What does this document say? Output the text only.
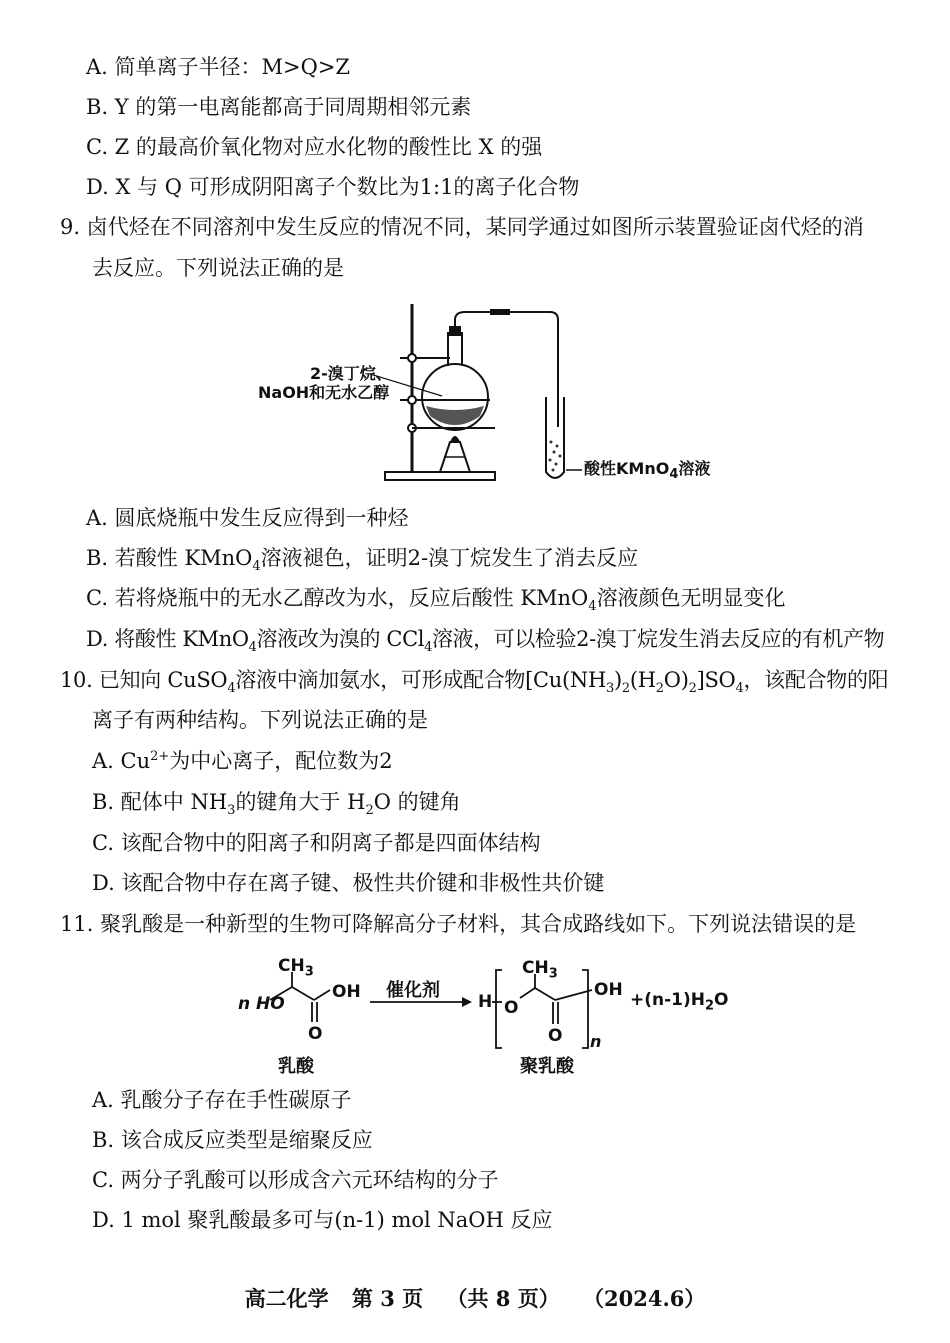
A. 简单离子半径：M>Q>Z
B. Y 的第一电离能都高于同周期相邻元素
C. Z 的最高价氧化物对应水化物的酸性比 X 的强
D. X 与 Q 可形成阴阳离子个数比为1:1的离子化合物
9. 卤代烃在不同溶剂中发生反应的情况不同，某同学通过如图所示装置验证卤代烃的消
去反应。下列说法正确的是
2-溴丁烷、
NaOH和无水乙醇
酸性KMnO$_4$溶液
A. 圆底烧瓶中发生反应得到一种烃
B. 若酸性 KMnO$_4$溶液褪色，证明2-溴丁烷发生了消去反应
C. 若将烧瓶中的无水乙醇改为水，反应后酸性 KMnO$_4$溶液颜色无明显变化
D. 将酸性 KMnO$_4$溶液改为溴的 CCl$_4$溶液，可以检验2-溴丁烷发生消去反应的有机产物
10. 已知向 CuSO$_4$溶液中滴加氨水，可形成配合物$[Cu(NH_3)_2(H_2O)_2]SO_4$，该配合物的阳
离子有两种结构。下列说法正确的是
A. $Cu^{2+}$为中心离子，配位数为2
B. 配体中 $NH_3$的键角大于 $H_2O$ 的键角
C. 该配合物中的阳离子和阴离子都是四面体结构
D. 该配合物中存在离子键、极性共价键和非极性共价键
11. 聚乳酸是一种新型的生物可降解高分子材料，其合成路线如下。下列说法错误的是
$CH_3$
n HO
OH
O
催化剂
H O
$CH_3$
O n
OH $+(n-1)H_2O$
乳酸	聚乳酸
A. 乳酸分子存在手性碳原子
B. 该合成反应类型是缩聚反应
C. 两分子乳酸可以形成含六元环结构的分子
D. 1 mol 聚乳酸最多可与(n-1) mol NaOH 反应
高二化学 第 3 页 （共 8 页） （2024.6）
